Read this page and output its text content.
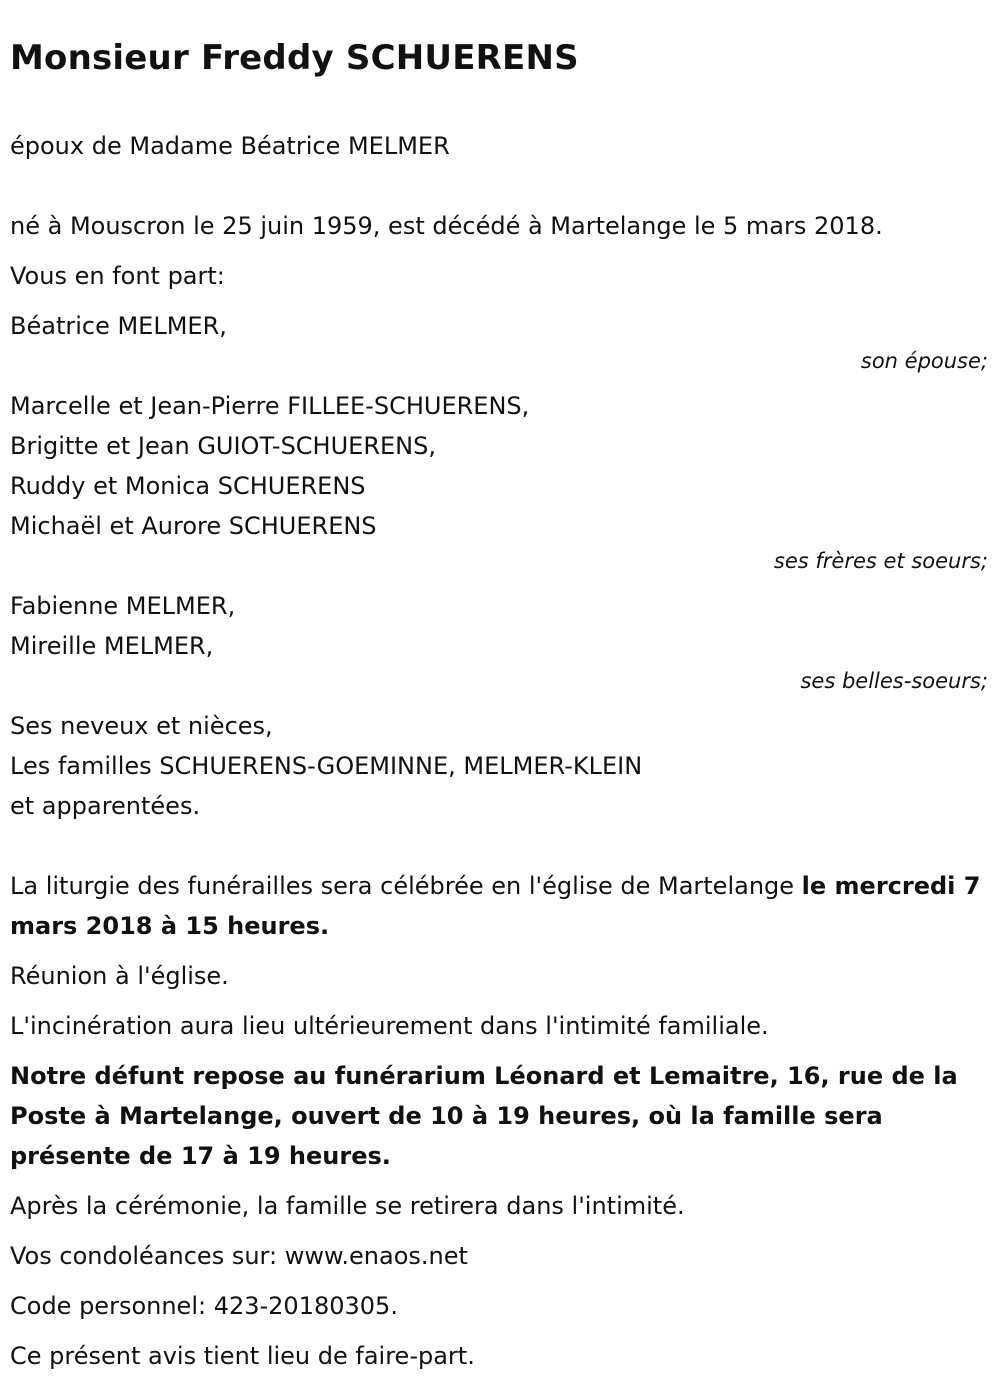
Monsieur Freddy SCHUERENS

époux de Madame Béatrice MELMER

né à Mouscron le 25 juin 1959, est décédé à Martelange le 5 mars 2018.

Vous en font part:

Béatrice MELMER,

son épouse;

Marcelle et Jean-Pierre FILLEE-SCHUERENS,

Brigitte et Jean GUIOT-SCHUERENS,

Ruddy et Monica SCHUERENS

Michaël et Aurore SCHUERENS

ses frères et soeurs;

Fabienne MELMER,

Mireille MELMER,

ses belles-soeurs;

Ses neveux et nièces,

Les familles SCHUERENS-GOEMINNE, MELMER-KLEIN

et apparentées.

La liturgie des funérailles sera célébrée en l'église de Martelange le mercredi 7 mars 2018 à 15 heures.

Réunion à l'église.

L'incinération aura lieu ultérieurement dans l'intimité familiale.

Notre défunt repose au funérarium Léonard et Lemaitre, 16, rue de la Poste à Martelange, ouvert de 10 à 19 heures, où la famille sera présente de 17 à 19 heures.

Après la cérémonie, la famille se retirera dans l'intimité.

Vos condoléances sur: www.enaos.net

Code personnel: 423-20180305.

Ce présent avis tient lieu de faire-part.
